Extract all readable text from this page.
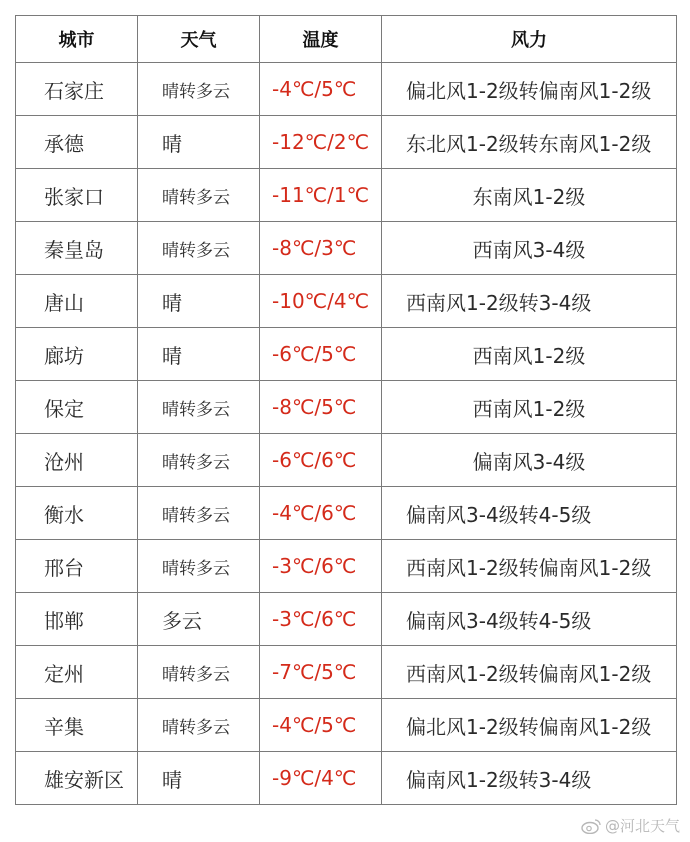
城市	天气	温度	风力
石家庄	晴转多云	-4℃/5℃	偏北风1-2级转偏南风1-2级
承德	晴	-12℃/2℃	东北风1-2级转东南风1-2级
张家口	晴转多云	-11℃/1℃	东南风1-2级
秦皇岛	晴转多云	-8℃/3℃	西南风3-4级
唐山	晴	-10℃/4℃	西南风1-2级转3-4级
廊坊	晴	-6℃/5℃	西南风1-2级
保定	晴转多云	-8℃/5℃	西南风1-2级
沧州	晴转多云	-6℃/6℃	偏南风3-4级
衡水	晴转多云	-4℃/6℃	偏南风3-4级转4-5级
邢台	晴转多云	-3℃/6℃	西南风1-2级转偏南风1-2级
邯郸	多云	-3℃/6℃	偏南风3-4级转4-5级
定州	晴转多云	-7℃/5℃	西南风1-2级转偏南风1-2级
辛集	晴转多云	-4℃/5℃	偏北风1-2级转偏南风1-2级
雄安新区	晴	-9℃/4℃	偏南风1-2级转3-4级
@河北天气
